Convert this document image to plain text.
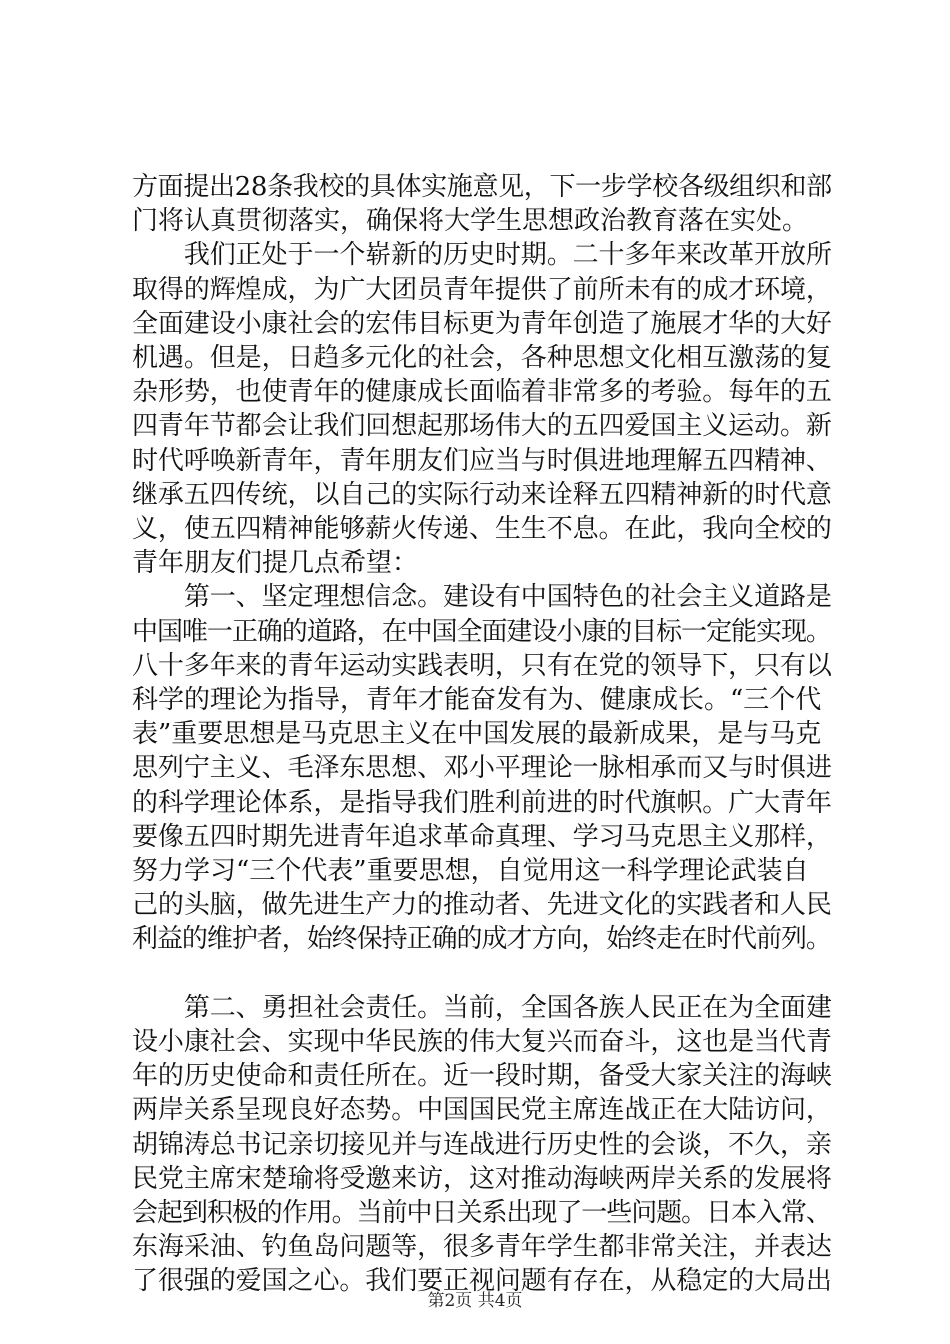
方面提出28条我校的具体实施意见，下一步学校各级组织和部
门将认真贯彻落实，确保将大学生思想政治教育落在实处。
　　我们正处于一个崭新的历史时期。二十多年来改革开放所
取得的辉煌成，为广大团员青年提供了前所未有的成才环境，
全面建设小康社会的宏伟目标更为青年创造了施展才华的大好
机遇。但是，日趋多元化的社会，各种思想文化相互激荡的复
杂形势，也使青年的健康成长面临着非常多的考验。每年的五
四青年节都会让我们回想起那场伟大的五四爱国主义运动。新
时代呼唤新青年，青年朋友们应当与时俱进地理解五四精神、
继承五四传统，以自己的实际行动来诠释五四精神新的时代意
义，使五四精神能够薪火传递、生生不息。在此，我向全校的
青年朋友们提几点希望：
　　第一、坚定理想信念。建设有中国特色的社会主义道路是
中国唯一正确的道路，在中国全面建设小康的目标一定能实现。
八十多年来的青年运动实践表明，只有在党的领导下，只有以
科学的理论为指导，青年才能奋发有为、健康成长。“三个代
表”重要思想是马克思主义在中国发展的最新成果，是与马克
思列宁主义、毛泽东思想、邓小平理论一脉相承而又与时俱进
的科学理论体系，是指导我们胜利前进的时代旗帜。广大青年
要像五四时期先进青年追求革命真理、学习马克思主义那样，
努力学习“三个代表”重要思想，自觉用这一科学理论武装自
己的头脑，做先进生产力的推动者、先进文化的实践者和人民
利益的维护者，始终保持正确的成才方向，始终走在时代前列。
　　第二、勇担社会责任。当前，全国各族人民正在为全面建
设小康社会、实现中华民族的伟大复兴而奋斗，这也是当代青
年的历史使命和责任所在。近一段时期，备受大家关注的海峡
两岸关系呈现良好态势。中国国民党主席连战正在大陆访问，
胡锦涛总书记亲切接见并与连战进行历史性的会谈，不久，亲
民党主席宋楚瑜将受邀来访，这对推动海峡两岸关系的发展将
会起到积极的作用。当前中日关系出现了一些问题。日本入常、
东海采油、钓鱼岛问题等，很多青年学生都非常关注，并表达
了很强的爱国之心。我们要正视问题有存在，从稳定的大局出
第2页 共4页
